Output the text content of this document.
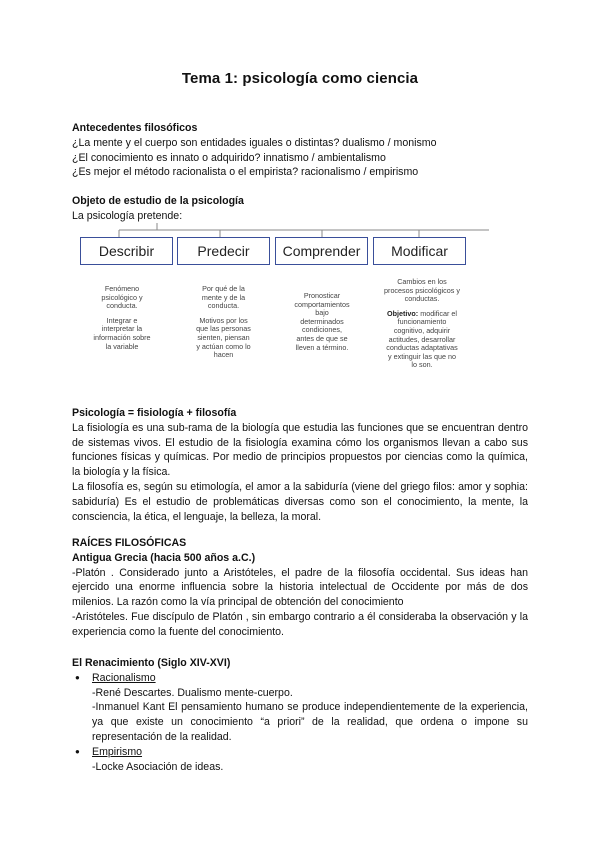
Tema 1: psicología como ciencia
Antecedentes filosóficos
¿La mente y el cuerpo son entidades iguales o distintas? dualismo / monismo
¿El conocimiento es innato o adquirido? innatismo / ambientalismo
¿Es mejor el método racionalista o el empirista? racionalismo / empirismo
Objeto de estudio de la psicología
La psicología pretende:
Describir	Predecir	Comprender	Modificar

Fenómeno
psicológico y
conducta.

Integrar e
interpretar la
información sobre
la variable

Por qué de la
mente y de la
conducta.

Motivos por los
que las personas
sienten, piensan
y actúan como lo
hacen

Pronosticar
comportamientos
bajo
determinados
condiciones,
antes de que se
lleven a término.

Cambios en los
procesos psicológicos y
conductas.

Objetivo: modificar el
funcionamiento
cognitivo, adquirir
actitudes, desarrollar
conductas adaptativas
y extinguir las que no
lo son.

Psicología = fisiología + filosofía
La fisiología es una sub-rama de la biología que estudia las funciones que se encuentran dentro de sistemas vivos. El estudio de la fisiología examina cómo los organismos llevan a cabo sus funciones físicas y químicas. Por medio de principios propuestos por ciencias como la química, la biología y la física.
La filosofía es, según su etimología, el amor a la sabiduría (viene del griego filos: amor y sophia: sabiduría) Es el estudio de problemáticas diversas como son el conocimiento, la mente, la consciencia, la ética, el lenguaje, la belleza, la moral.
RAÍCES FILOSÓFICAS
Antigua Grecia (hacia 500 años a.C.)
-Platón . Considerado junto a Aristóteles, el padre de la filosofía occidental. Sus ideas han ejercido una enorme influencia sobre la historia intelectual de Occidente por más de dos milenios. La razón como la vía principal de obtención del conocimiento
-Aristóteles. Fue discípulo de Platón , sin embargo contrario a él consideraba la observación y la experiencia como la fuente del conocimiento.
El Renacimiento (Siglo XIV-XVI)
● Racionalismo
-René Descartes. Dualismo mente-cuerpo.
-Inmanuel Kant El pensamiento humano se produce independientemente de la experiencia, ya que existe un conocimiento “a priori” de la realidad, que ordena o impone su representación de la realidad.
● Empirismo
-Locke Asociación de ideas.
